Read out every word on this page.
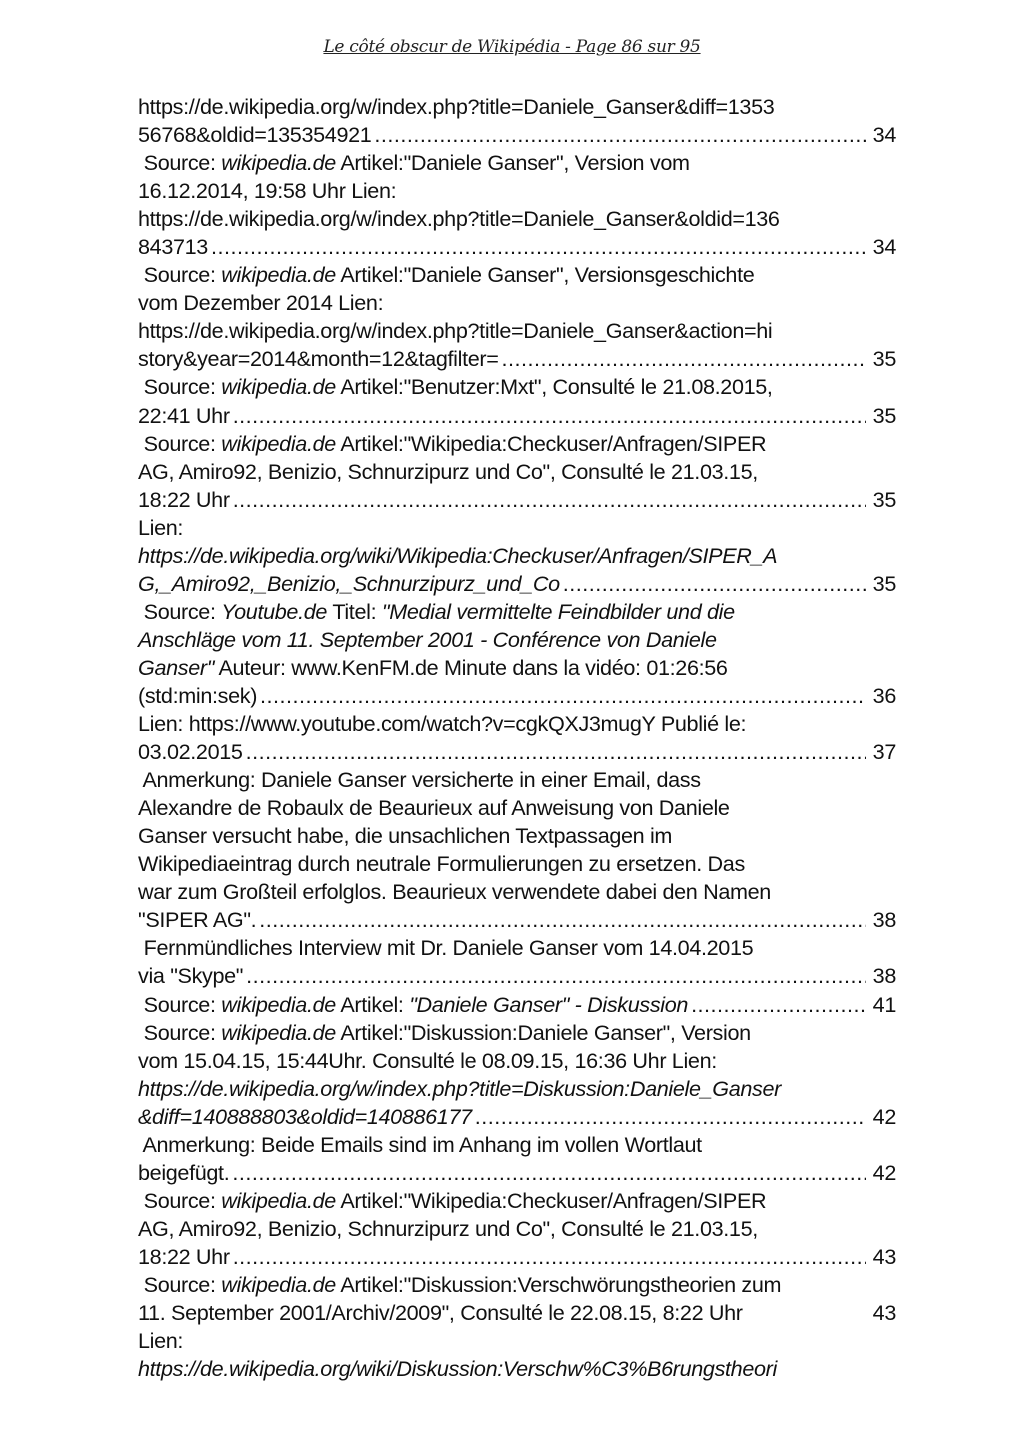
Le côté obscur de Wikipédia - Page 86 sur 95
https://de.wikipedia.org/w/index.php?title=Daniele_Ganser&diff=1353
56768&oldid=135354921 .....	34
Source: wikipedia.de Artikel:"Daniele Ganser", Version vom
16.12.2014, 19:58 Uhr Lien:
https://de.wikipedia.org/w/index.php?title=Daniele_Ganser&oldid=136
843713 .....	34
Source: wikipedia.de Artikel:"Daniele Ganser", Versionsgeschichte
vom Dezember 2014 Lien:
https://de.wikipedia.org/w/index.php?title=Daniele_Ganser&action=hi
story&year=2014&month=12&tagfilter= .....	35
Source: wikipedia.de Artikel:"Benutzer:Mxt", Consulté le 21.08.2015,
22:41 Uhr .....	35
Source: wikipedia.de Artikel:"Wikipedia:Checkuser/Anfragen/SIPER
AG, Amiro92, Benizio, Schnurzipurz und Co", Consulté le 21.03.15,
18:22 Uhr .....	35
Lien:
https://de.wikipedia.org/wiki/Wikipedia:Checkuser/Anfragen/SIPER_A
G,_Amiro92,_Benizio,_Schnurzipurz_und_Co .....	35
Source: Youtube.de Titel: "Medial vermittelte Feindbilder und die
Anschläge vom 11. September 2001 - Conférence von Daniele
Ganser" Auteur: www.KenFM.de Minute dans la vidéo: 01:26:56
(std:min:sek) .....	36
Lien: https://www.youtube.com/watch?v=cgkQXJ3mugY Publié le:
03.02.2015 .....	37
Anmerkung: Daniele Ganser versicherte in einer Email, dass
Alexandre de Robaulx de Beaurieux auf Anweisung von Daniele
Ganser versucht habe, die unsachlichen Textpassagen im
Wikipediaeintrag durch neutrale Formulierungen zu ersetzen. Das
war zum Großteil erfolglos. Beaurieux verwendete dabei den Namen
"SIPER AG". .....	38
Fernmündliches Interview mit Dr. Daniele Ganser vom 14.04.2015
via "Skype" .....	38
Source: wikipedia.de Artikel: "Daniele Ganser" - Diskussion .....	41
Source: wikipedia.de Artikel:"Diskussion:Daniele Ganser", Version
vom 15.04.15, 15:44Uhr. Consulté le 08.09.15, 16:36 Uhr Lien:
https://de.wikipedia.org/w/index.php?title=Diskussion:Daniele_Ganser
&diff=140888803&oldid=140886177 .....	42
Anmerkung: Beide Emails sind im Anhang im vollen Wortlaut
beigefügt. .....	42
Source: wikipedia.de Artikel:"Wikipedia:Checkuser/Anfragen/SIPER
AG, Amiro92, Benizio, Schnurzipurz und Co", Consulté le 21.03.15,
18:22 Uhr .....	43
Source: wikipedia.de Artikel:"Diskussion:Verschwörungstheorien zum
11. September 2001/Archiv/2009", Consulté le 22.08.15, 8:22 Uhr	43
Lien:
https://de.wikipedia.org/wiki/Diskussion:Verschw%C3%B6rungstheori
